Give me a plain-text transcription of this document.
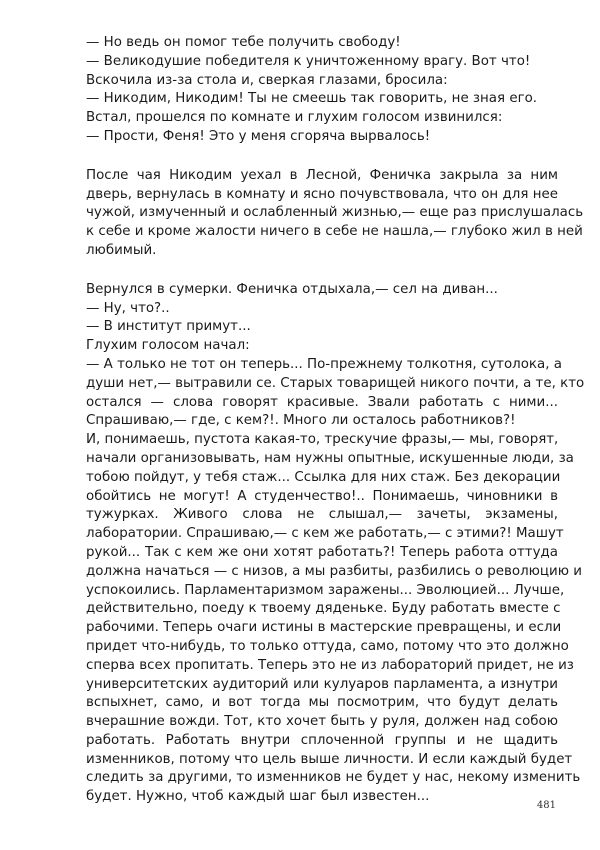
— Но ведь он помог тебе получить свободу!
— Великодушие победителя к уничтоженному врагу. Вот что!
Вскочила из-за стола и, сверкая глазами, бросила:
— Никодим, Никодим! Ты не смеешь так говорить, не зная его.
Встал, прошелся по комнате и глухим голосом извинился:
— Прости, Феня! Это у меня сгоряча вырвалось!
После чая Никодим уехал в Лесной, Феничка закрыла за ним
дверь, вернулась в комнату и ясно почувствовала, что он для нее
чужой, измученный и ослабленный жизнью,— еще раз прислушалась
к себе и кроме жалости ничего в себе не нашла,— глубоко жил в ней
любимый.
Вернулся в сумерки. Феничка отдыхала,— сел на диван...
— Ну, что?..
— В институт примут...
Глухим голосом начал:
— А только не тот он теперь... По-прежнему толкотня, сутолока, а
души нет,— вытравили се. Старых товарищей никого почти, а те, кто
остался — слова говорят красивые. Звали работать с ними...
Спрашиваю,— где, с кем?!. Много ли осталось работников?!
И, понимаешь, пустота какая-то, трескучие фразы,— мы, говорят,
начали организовывать, нам нужны опытные, искушенные люди, за
тобою пойдут, у тебя стаж... Ссылка для них стаж. Без декорации
обойтись не могут! А студенчество!.. Понимаешь, чиновники в
тужурках. Живого слова не слышал,— зачеты, экзамены,
лаборатории. Спрашиваю,— с кем же работать,— с этими?! Машут
рукой... Так с кем же они хотят работать?! Теперь работа оттуда
должна начаться — с низов, а мы разбиты, разбились о революцию и
успокоились. Парламентаризмом заражены... Эволюцией... Лучше,
действительно, поеду к твоему дяденьке. Буду работать вместе с
рабочими. Теперь очаги истины в мастерские превращены, и если
придет что-нибудь, то только оттуда, само, потому что это должно
сперва всех пропитать. Теперь это не из лабораторий придет, не из
университетских аудиторий или кулуаров парламента, а изнутри
вспыхнет, само, и вот тогда мы посмотрим, что будут делать
вчерашние вожди. Тот, кто хочет быть у руля, должен над собою
работать. Работать внутри сплоченной группы и не щадить
изменников, потому что цель выше личности. И если каждый будет
следить за другими, то изменников не будет у нас, некому изменить
будет. Нужно, чтоб каждый шаг был известен...
481
